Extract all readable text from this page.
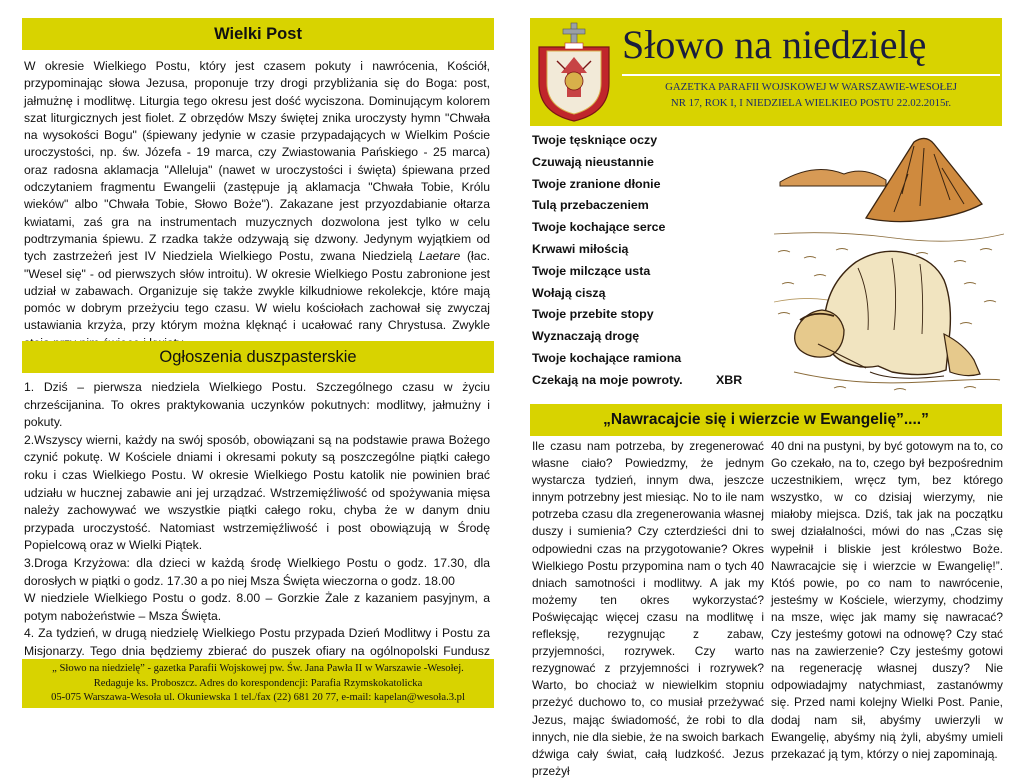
Wielki Post
W okresie Wielkiego Postu, który jest czasem pokuty i nawrócenia, Kościół, przypominając słowa Jezusa, proponuje trzy drogi przybliżania się do Boga: post, jałmużnę i modlitwę. Liturgia tego okresu jest dość wyciszona. Dominującym kolorem szat liturgicznych jest fiolet. Z obrzędów Mszy świętej znika uroczysty hymn "Chwała na wysokości Bogu" (śpiewany jedynie w czasie przypadających w Wielkim Poście uroczystości, np. św. Józefa - 19 marca, czy Zwiastowania Pańskiego - 25 marca) oraz radosna aklamacja "Alleluja" (nawet w uroczystości i święta) śpiewana przed odczytaniem fragmentu Ewangelii (zastępuje ją aklamacja "Chwała Tobie, Królu wieków" albo "Chwała Tobie, Słowo Boże"). Zakazane jest przyozdabianie ołtarza kwiatami, zaś gra na instrumentach muzycznych dozwolona jest tylko w celu podtrzymania śpiewu. Z rzadka także odzywają się dzwony. Jedynym wyjątkiem od tych zastrzeżeń jest IV Niedziela Wielkiego Postu, zwana Niedzielą Laetare (łac. "Wesel się" - od pierwszych słów introitu). W okresie Wielkiego Postu zabronione jest udział w zabawach. Organizuje się także zwykle kilkudniowe rekolekcje, które mają pomóc w dobrym przeżyciu tego czasu. W wielu kościołach zachował się zwyczaj ustawiania krzyża, przy którym można klęknąć i ucałować rany Chrystusa. Zwykle
Ogłoszenia duszpasterskie

1. Dziś – pierwsza niedziela Wielkiego Postu. Szczególnego czasu w życiu chrześcijanina. To okres praktykowania uczynków pokutnych: modlitwy, jałmużny i pokuty.

2.Wszyscy wierni, każdy na swój sposób, obowiązani są na podstawie prawa Bożego czynić pokutę. W Kościele dniami i okresami pokuty są poszczególne piątki całego roku i czas Wielkiego Postu. W okresie Wielkiego Postu katolik nie powinien brać udziału w hucznej zabawie ani jej urządzać. Wstrzemięźliwość od spożywania mięsa należy zachowywać we wszystkie piątki całego roku, chyba że w danym dniu przypada uroczystość. Natomiast wstrzemięźliwość i post obowiązują w Środę Popielcową oraz w Wielki Piątek.

3.Droga Krzyżowa: dla dzieci w każdą środę Wielkiego Postu o godz. 17.30, dla dorosłych w piątki o godz. 17.30 a po niej Msza Święta wieczorna o godz. 18.00

W niedziele Wielkiego Postu o godz. 8.00 – Gorzkie Żale z kazaniem pasyjnym, a potym nabożeństwie – Msza Święta.

4. Za tydzień, w drugą niedzielę Wielkiego Postu przypada Dzień Modlitwy i Postu za Misjonarzy. Tego dnia będziemy zbierać do puszek ofiary na ogólnopolski Fundusz

„ Słowo na niedzielę” - gazetka Parafii Wojskowej pw. Św. Jana Pawła II w Warszawie -Wesołej.
Redaguje ks. Proboszcz. Adres do korespondencji: Parafia Rzymskokatolicka
05-075 Warszawa-Wesoła ul. Okuniewska 1 tel./fax (22) 681 20 77, e-mail: kapelan@wesoła.3.pl
Słowo na niedzielę
GAZETKA PARAFII WOJSKOWEJ W WARSZAWIE-WESOŁEJ
NR 17, ROK I, I NIEDZIELA WIELKIEO POSTU 22.02.2015r.
Twoje tęskniące oczy
Czuwają nieustannie
Twoje zranione dłonie
Tulą przebaczeniem
Twoje kochające serce
Krwawi miłością
Twoje milczące usta
Wołają ciszą
Twoje przebite stopy
Wyznaczają drogę
Twoje kochające ramiona
Czekają na moje powroty.	XBR
„Nawracajcie się i wierzcie w Ewangelię”....”
Ile czasu nam potrzeba, by zregenerować własne ciało? Powiedzmy, że jednym wystarcza tydzień, innym dwa, jeszcze innym potrzebny jest miesiąc. No to ile nam potrzeba czasu dla zregenerowania własnej duszy i sumienia? Czy czterdzieści dni to odpowiedni czas na przygotowanie? Okres Wielkiego Postu przypomina nam o tych 40 dniach samotności i modlitwy. A jak my możemy ten okres wykorzystać? Poświęcając więcej czasu na modlitwę i refleksję, rezygnując z zabaw, przyjemności, rozrywek. Czy warto rezygnować z przyjemności i rozrywek? Warto, bo chociaż w niewielkim stopniu przeżyć duchowo to, co musiał przeżywać Jezus, mając świadomość, że robi to dla innych, nie dla siebie, że na swoich barkach dźwiga cały świat, całą ludzkość. Jezus przeżył
40 dni na pustyni, by być gotowym na to, co Go czekało, na to, czego był bezpośrednim uczestnikiem, wręcz tym, bez którego wszystko, w co dzisiaj wierzymy, nie miałoby miejsca. Dziś, tak jak na początku swej działalności, mówi do nas „Czas się wypełnił i bliskie jest królestwo Boże. Nawracajcie się i wierzcie w Ewangelię!”. Któś powie, po co nam to nawrócenie, jesteśmy w Kościele, wierzymy, chodzimy na msze, więc jak mamy się nawracać? Czy jesteśmy gotowi na odnowę? Czy stać nas na zawierzenie? Czy jesteśmy gotowi na regenerację własnej duszy? Nie odpowiadajmy natychmiast, zastanówmy się. Przed nami kolejny Wielki Post. Panie, dodaj nam sił, abyśmy uwierzyli w Ewangelię, abyśmy nią żyli, abyśmy umieli przekazać ją tym, którzy o niej zapominają.
